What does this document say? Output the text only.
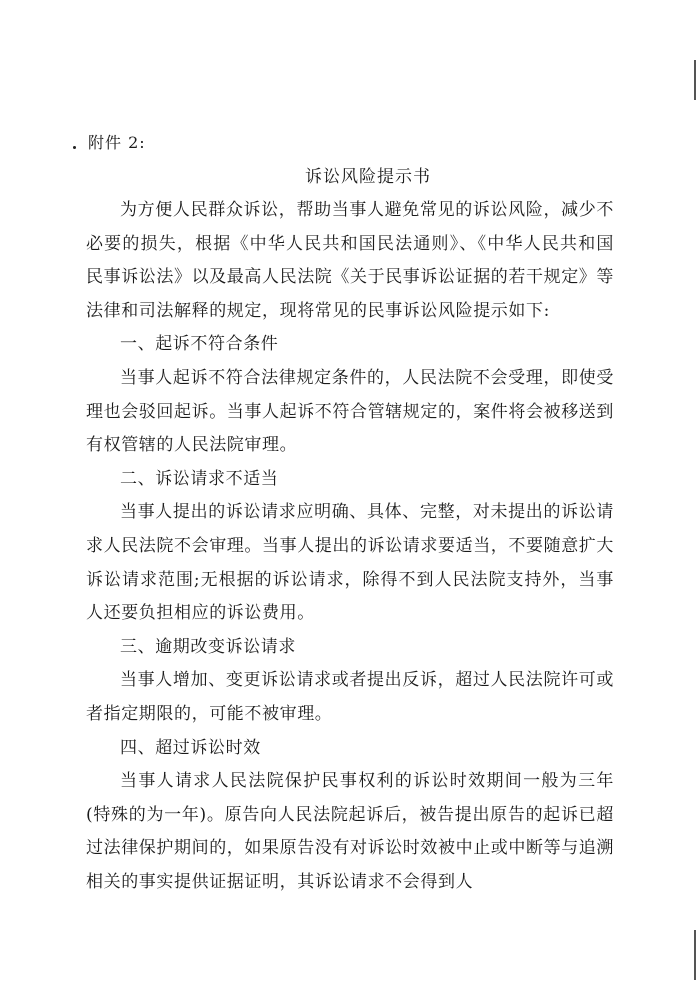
附件 2:
诉讼风险提示书

为方便人民群众诉讼，帮助当事人避免常见的诉讼风险，减少不必要的损失，根据《中华人民共和国民法通则》、《中华人民共和国民事诉讼法》以及最高人民法院《关于民事诉讼证据的若干规定》等法律和司法解释的规定，现将常见的民事诉讼风险提示如下:

一、起诉不符合条件

当事人起诉不符合法律规定条件的，人民法院不会受理，即使受理也会驳回起诉。当事人起诉不符合管辖规定的，案件将会被移送到有权管辖的人民法院审理。

二、诉讼请求不适当

当事人提出的诉讼请求应明确、具体、完整，对未提出的诉讼请求人民法院不会审理。当事人提出的诉讼请求要适当，不要随意扩大诉讼请求范围;无根据的诉讼请求，除得不到人民法院支持外，当事人还要负担相应的诉讼费用。

三、逾期改变诉讼请求

当事人增加、变更诉讼请求或者提出反诉，超过人民法院许可或者指定期限的，可能不被审理。

四、超过诉讼时效

当事人请求人民法院保护民事权利的诉讼时效期间一般为三年(特殊的为一年)。原告向人民法院起诉后，被告提出原告的起诉已超过法律保护期间的，如果原告没有对诉讼时效被中止或中断等与追溯相关的事实提供证据证明，其诉讼请求不会得到人
